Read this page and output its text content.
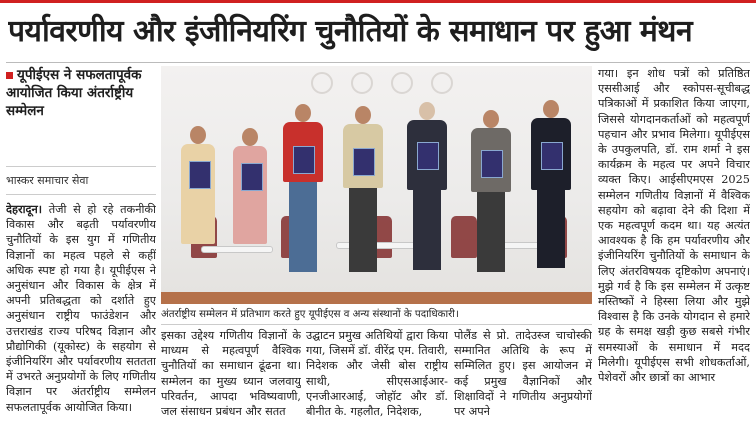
पर्यावरणीय और इंजीनियरिंग चुनौतियों के समाधान पर हुआ मंथन
यूपीईएस ने सफलतापूर्वक आयोजित किया अंतर्राष्ट्रीय सम्मेलन
भास्कर समाचार सेवा
देहरादून। तेजी से हो रहे तकनीकी विकास और बढ़ती पर्यावरणीय चुनौतियों के इस युग में गणितीय विज्ञानों का महत्व पहले से कहीं अधिक स्पष्ट हो गया है। यूपीईएस ने अनुसंधान और विकास के क्षेत्र में अपनी प्रतिबद्धता को दर्शाते हुए अनुसंधान राष्ट्रीय फाउंडेशन और उत्तराखंड राज्य परिषद विज्ञान और प्रौद्योगिकी (यूकोस्ट) के सहयोग से इंजीनियरिंग और पर्यावरणीय सततता में उभरते अनुप्रयोगों के लिए गणितीय विज्ञान पर अंतर्राष्ट्रीय सम्मेलन सफलतापूर्वक आयोजित किया।
अंतर्राष्ट्रीय सम्मेलन में प्रतिभाग करते हुए यूपीईएस व अन्य संस्थानों के पदाधिकारी।
इसका उद्देश्य गणितीय विज्ञानों के माध्यम से महत्वपूर्ण वैश्विक चुनौतियों का समाधान ढूंढना था। सम्मेलन का मुख्य ध्यान जलवायु परिवर्तन, आपदा भविष्यवाणी, जल संसाधन प्रबंधन और सतत
उद्घाटन प्रमुख अतिथियों द्वारा किया गया, जिसमें डॉ. वीरेंद्र एम. तिवारी, निदेशक और जेसी बोस राष्ट्रीय साथी, सीएसआईआर-एनजीआरआई, जोहॉट और डॉ. बीनीत के. गहलौत, निदेशक,
पोलैंड से प्रो. तादेउस्ज चाचोस्की सम्मानित अतिथि के रूप में सम्मिलित हुए। इस आयोजन में कई प्रमुख वैज्ञानिकों और शिक्षाविदों ने गणितीय अनुप्रयोगों पर अपने
गया। इन शोध पत्रों को प्रतिष्ठित एससीआई और स्कोपस-सूचीबद्ध पत्रिकाओं में प्रकाशित किया जाएगा, जिससे योगदानकर्ताओं को महत्वपूर्ण पहचान और प्रभाव मिलेगा। यूपीईएस के उपकुलपति, डॉ. राम शर्मा ने इस कार्यक्रम के महत्व पर अपने विचार व्यक्त किए। आईसीएमएस 2025 सम्मेलन गणितीय विज्ञानों में वैश्विक सहयोग को बढ़ावा देने की दिशा में एक महत्वपूर्ण कदम था। यह अत्यंत आवश्यक है कि हम पर्यावरणीय और इंजीनियरिंग चुनौतियों के समाधान के लिए अंतरविषयक दृष्टिकोण अपनाएं। मुझे गर्व है कि इस सम्मेलन में उत्कृष्ट मस्तिष्कों ने हिस्सा लिया और मुझे विश्वास है कि उनके योगदान से हमारे ग्रह के समक्ष खड़ी कुछ सबसे गंभीर समस्याओं के समाधान में मदद मिलेगी। यूपीईएस सभी शोधकर्ताओं, पेशेवरों और छात्रों का आभार
